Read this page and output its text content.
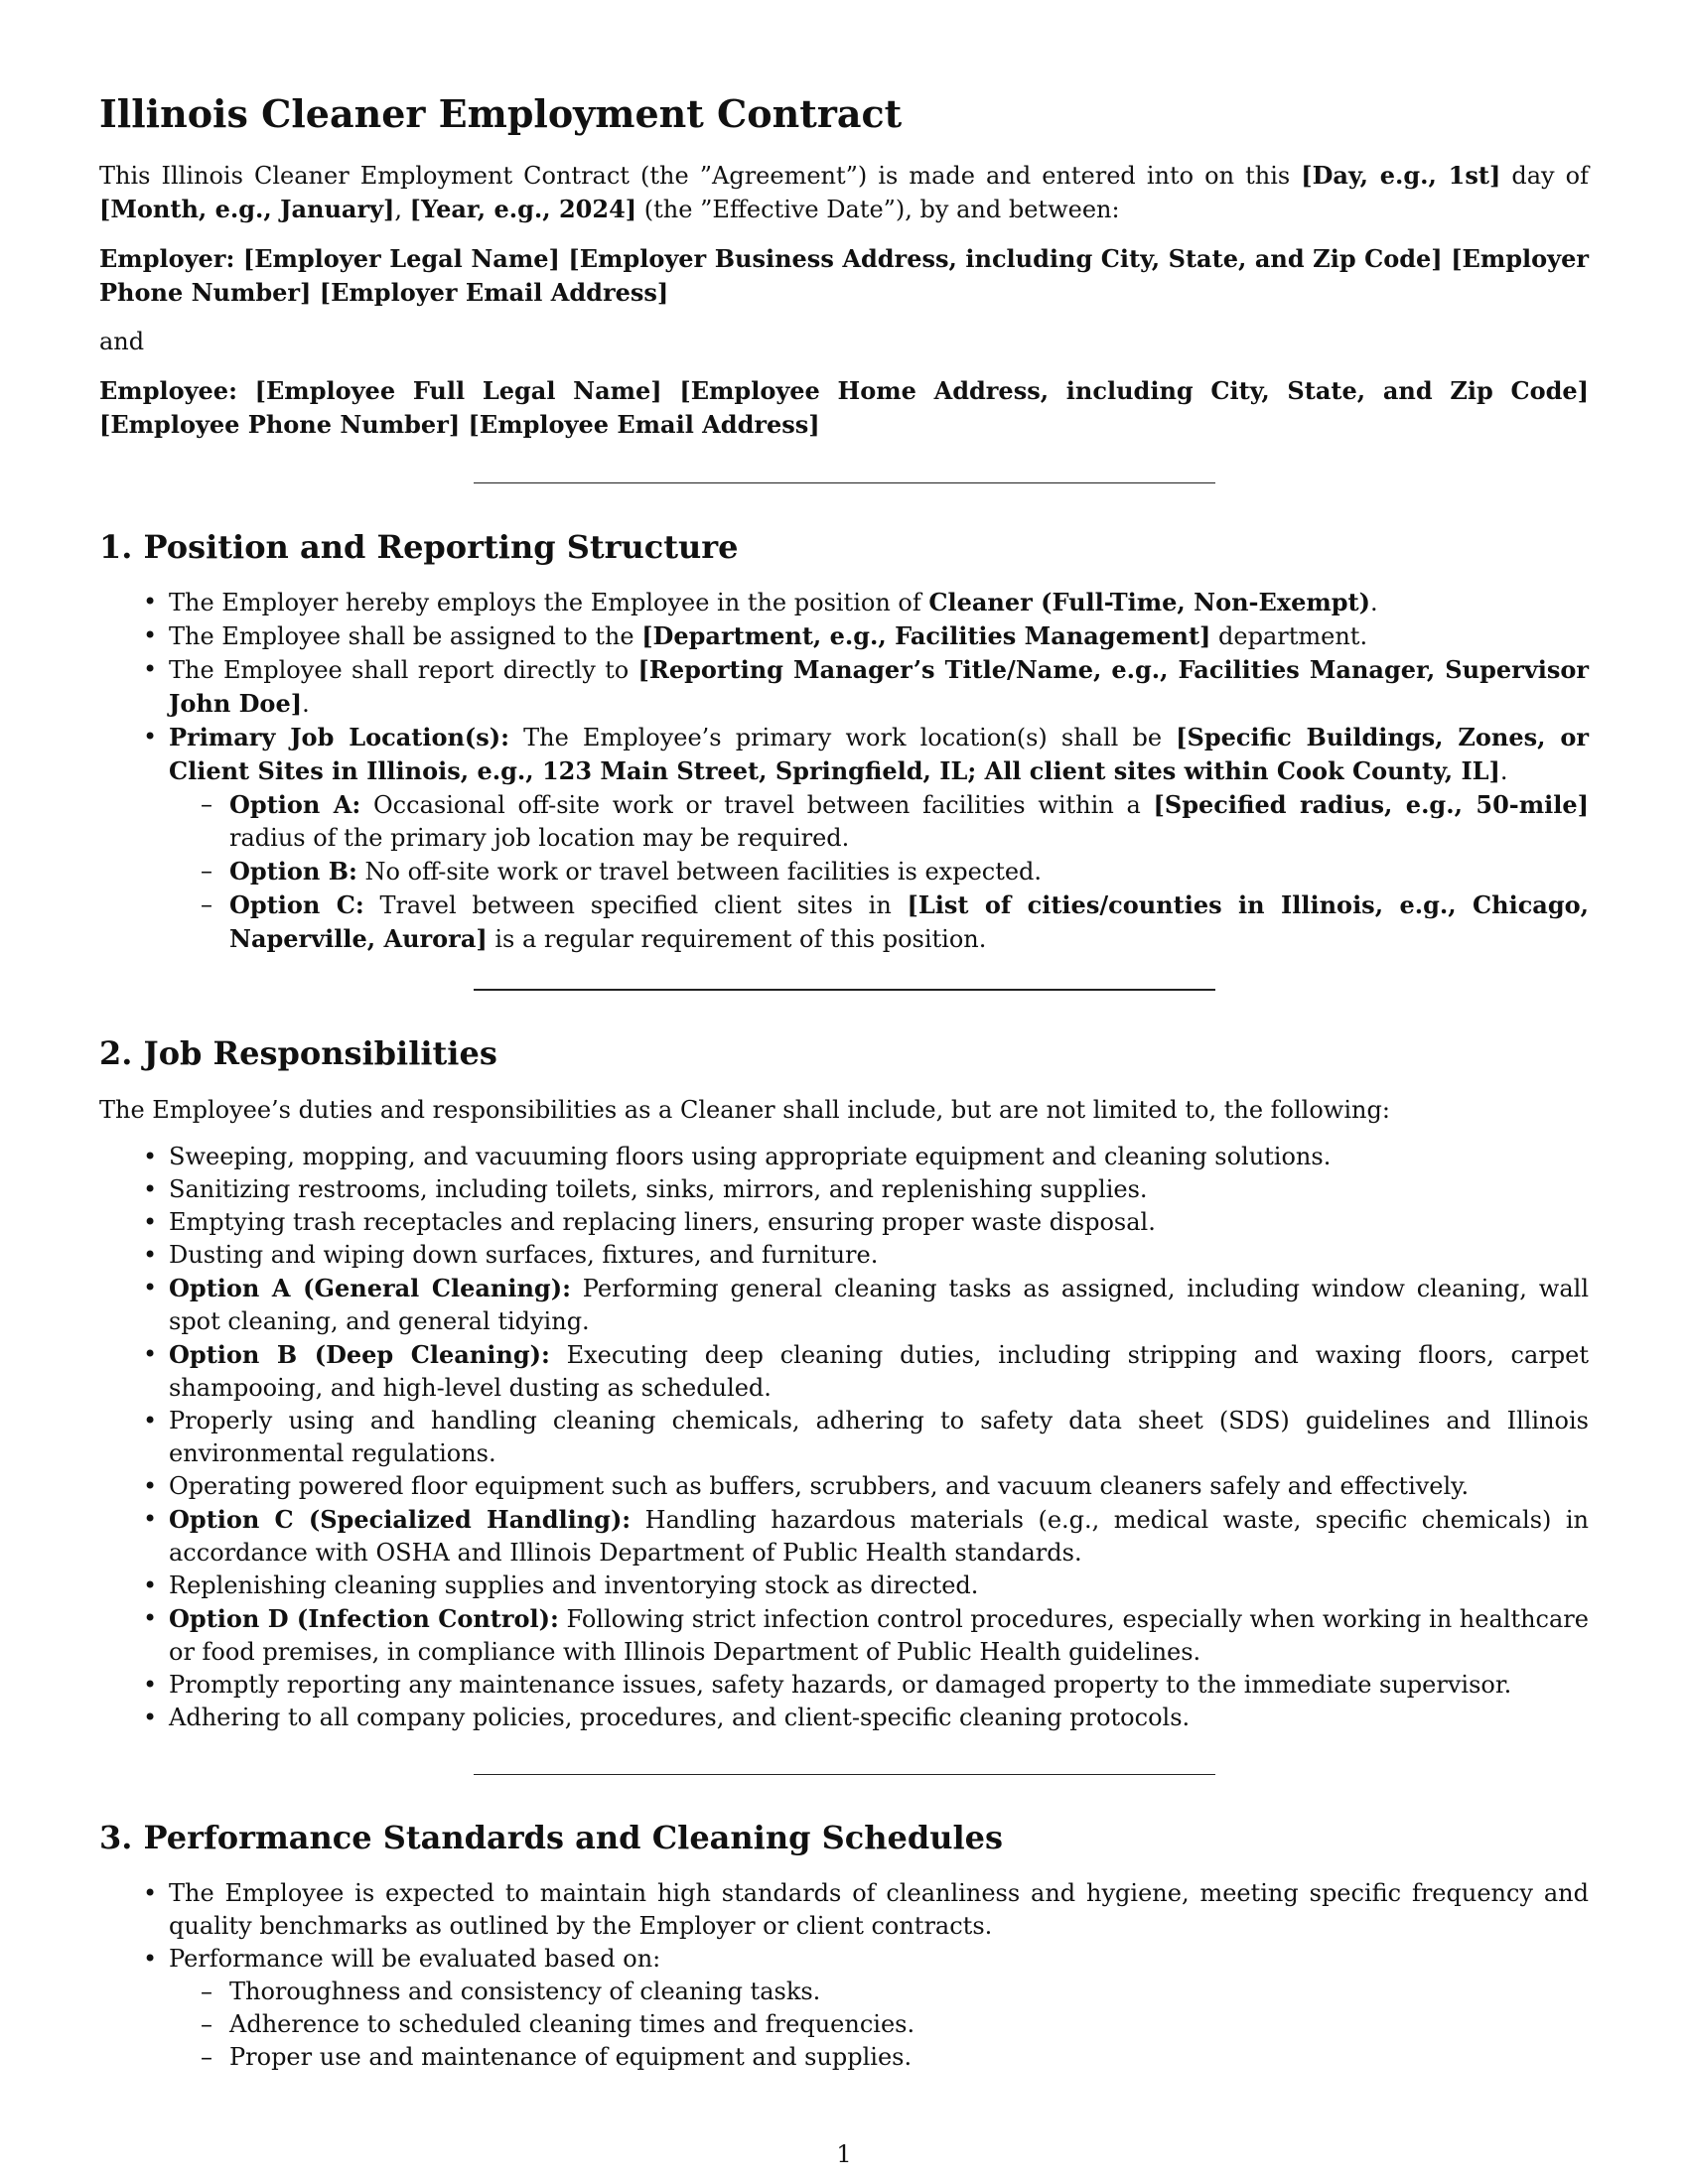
Illinois Cleaner Employment Contract

This Illinois Cleaner Employment Contract (the ”Agreement”) is made and entered into on this [Day, e.g., 1st] day of [Month, e.g., January], [Year, e.g., 2024] (the ”Effective Date”), by and between:

Employer: [Employer Legal Name] [Employer Business Address, including City, State, and Zip Code] [Employer Phone Number] [Employer Email Address]

and

Employee: [Employee Full Legal Name] [Employee Home Address, including City, State, and Zip Code] [Employee Phone Number] [Employee Email Address]

1. Position and Reporting Structure
• The Employer hereby employs the Employee in the position of Cleaner (Full-Time, Non-Exempt).
• The Employee shall be assigned to the [Department, e.g., Facilities Management] department.
• The Employee shall report directly to [Reporting Manager’s Title/Name, e.g., Facilities Manager, Supervisor John Doe].
• Primary Job Location(s): The Employee’s primary work location(s) shall be [Specific Buildings, Zones, or Client Sites in Illinois, e.g., 123 Main Street, Springfield, IL; All client sites within Cook County, IL].
– Option A: Occasional off-site work or travel between facilities within a [Specified radius, e.g., 50-mile] radius of the primary job location may be required.
– Option B: No off-site work or travel between facilities is expected.
– Option C: Travel between specified client sites in [List of cities/counties in Illinois, e.g., Chicago, Naperville, Aurora] is a regular requirement of this position.
2. Job Responsibilities

The Employee’s duties and responsibilities as a Cleaner shall include, but are not limited to, the following:

• Sweeping, mopping, and vacuuming floors using appropriate equipment and cleaning solutions.
• Sanitizing restrooms, including toilets, sinks, mirrors, and replenishing supplies.
• Emptying trash receptacles and replacing liners, ensuring proper waste disposal.
• Dusting and wiping down surfaces, fixtures, and furniture.
• Option A (General Cleaning): Performing general cleaning tasks as assigned, including window cleaning, wall spot cleaning, and general tidying.
• Option B (Deep Cleaning): Executing deep cleaning duties, including stripping and waxing floors, carpet shampooing, and high-level dusting as scheduled.
• Properly using and handling cleaning chemicals, adhering to safety data sheet (SDS) guidelines and Illinois environmental regulations.
• Operating powered floor equipment such as buffers, scrubbers, and vacuum cleaners safely and effectively.
• Option C (Specialized Handling): Handling hazardous materials (e.g., medical waste, specific chemicals) in accordance with OSHA and Illinois Department of Public Health standards.
• Replenishing cleaning supplies and inventorying stock as directed.
• Option D (Infection Control): Following strict infection control procedures, especially when working in healthcare or food premises, in compliance with Illinois Department of Public Health guidelines.
• Promptly reporting any maintenance issues, safety hazards, or damaged property to the immediate supervisor.
• Adhering to all company policies, procedures, and client-specific cleaning protocols.
3. Performance Standards and Cleaning Schedules
• The Employee is expected to maintain high standards of cleanliness and hygiene, meeting specific frequency and quality benchmarks as outlined by the Employer or client contracts.
• Performance will be evaluated based on:
– Thoroughness and consistency of cleaning tasks.
– Adherence to scheduled cleaning times and frequencies.
– Proper use and maintenance of equipment and supplies.
1
